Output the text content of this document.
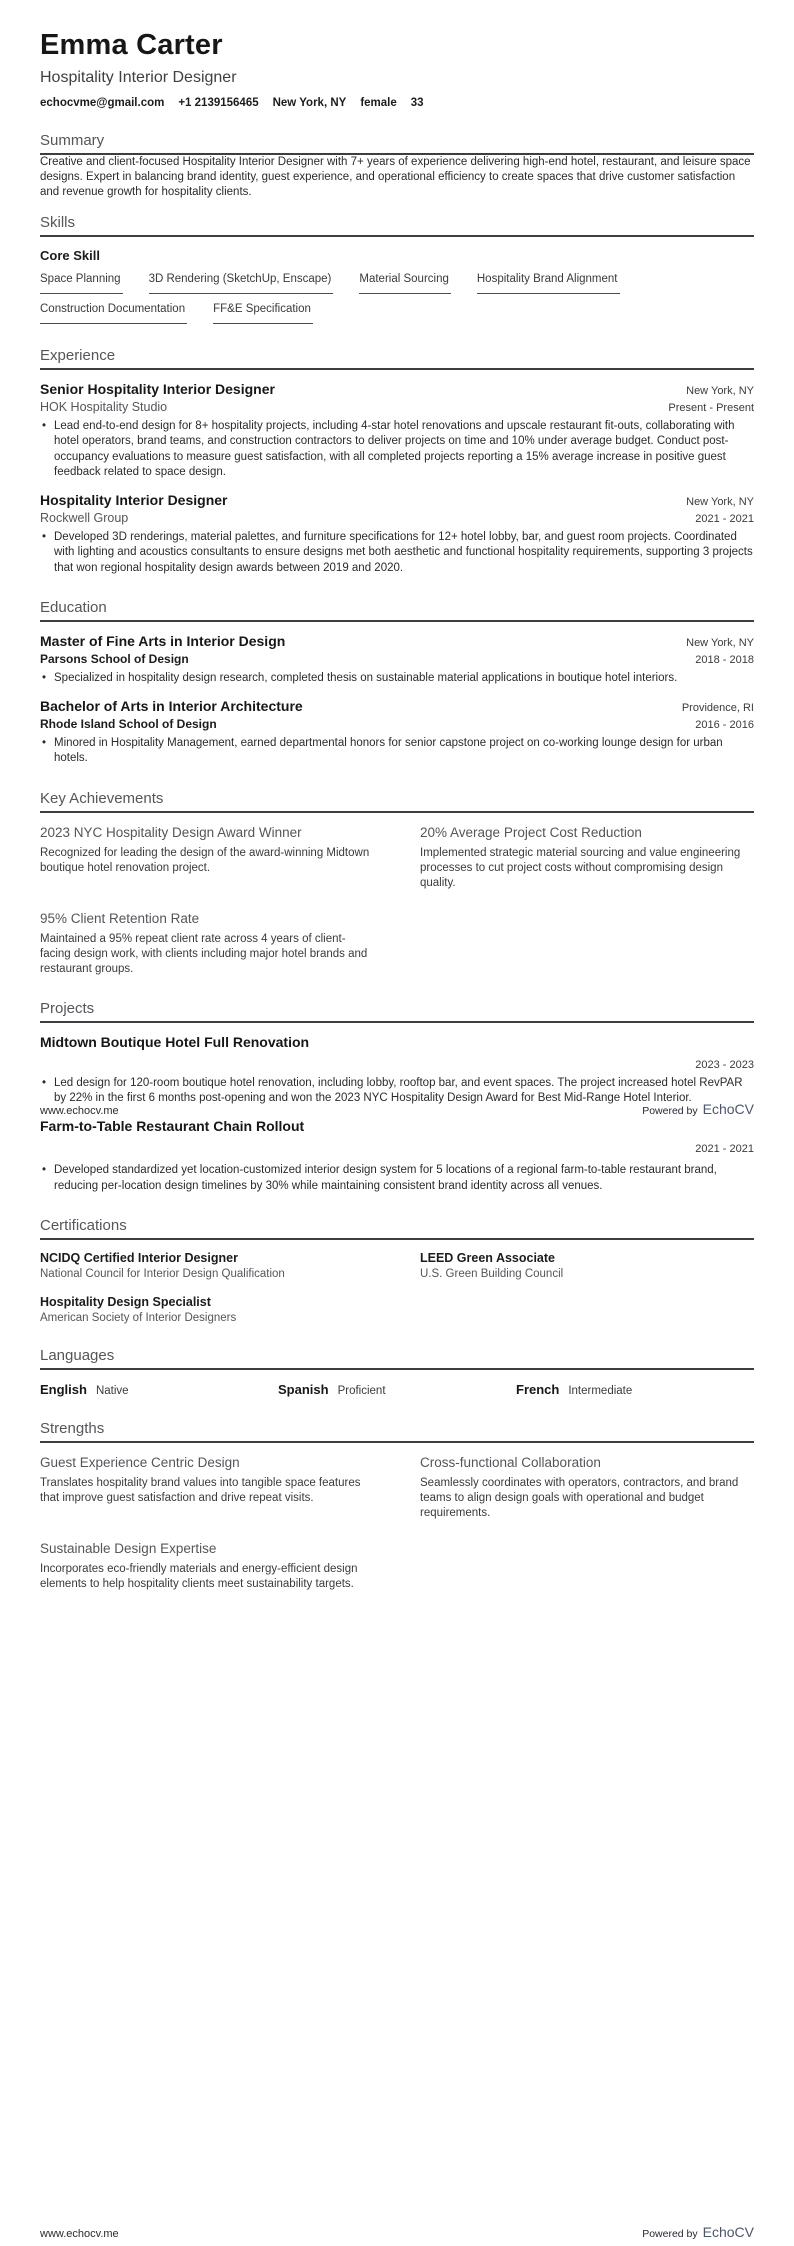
Emma Carter
Hospitality Interior Designer
echocvme@gmail.com +1 2139156465 New York, NY female 33
Summary

Creative and client-focused Hospitality Interior Designer with 7+ years of experience delivering high-end hotel, restaurant, and leisure space designs. Expert in balancing brand identity, guest experience, and operational efficiency to create spaces that drive customer satisfaction and revenue growth for hospitality clients.

Skills
Core Skill
Space Planning 3D Rendering (SketchUp, Enscape) Material Sourcing Hospitality Brand Alignment
Construction Documentation FF&E Specification
Experience
Senior Hospitality Interior Designer	New York, NY
HOK Hospitality Studio	Present - Present
• Lead end-to-end design for 8+ hospitality projects, including 4-star hotel renovations and upscale restaurant fit-outs, collaborating with hotel operators, brand teams, and construction contractors to deliver projects on time and 10% under average budget. Conduct post-occupancy evaluations to measure guest satisfaction, with all completed projects reporting a 15% average increase in positive guest feedback related to space design.
Hospitality Interior Designer	New York, NY
Rockwell Group	2021 - 2021
• Developed 3D renderings, material palettes, and furniture specifications for 12+ hotel lobby, bar, and guest room projects. Coordinated with lighting and acoustics consultants to ensure designs met both aesthetic and functional hospitality requirements, supporting 3 projects that won regional hospitality design awards between 2019 and 2020.
Education
Master of Fine Arts in Interior Design	New York, NY
Parsons School of Design	2018 - 2018
• Specialized in hospitality design research, completed thesis on sustainable material applications in boutique hotel interiors.
Bachelor of Arts in Interior Architecture	Providence, RI
Rhode Island School of Design	2016 - 2016
• Minored in Hospitality Management, earned departmental honors for senior capstone project on co-working lounge design for urban hotels.
Key Achievements
2023 NYC Hospitality Design Award Winner
Recognized for leading the design of the award-winning Midtown boutique hotel renovation project.
20% Average Project Cost Reduction
Implemented strategic material sourcing and value engineering processes to cut project costs without compromising design quality.
95% Client Retention Rate
Maintained a 95% repeat client rate across 4 years of client-facing design work, with clients including major hotel brands and restaurant groups.
Projects
Midtown Boutique Hotel Full Renovation
2023 - 2023
• Led design for 120-room boutique hotel renovation, including lobby, rooftop bar, and event spaces. The project increased hotel RevPAR by 22% in the first 6 months post-opening and won the 2023 NYC Hospitality Design Award for Best Mid-Range Hotel Interior.
Farm-to-Table Restaurant Chain Rollout
2021 - 2021
www.echocv.me	Powered by EchoCV
• Developed standardized yet location-customized interior design system for 5 locations of a regional farm-to-table restaurant brand, reducing per-location design timelines by 30% while maintaining consistent brand identity across all venues.
Certifications
NCIDQ Certified Interior Designer
National Council for Interior Design Qualification
LEED Green Associate
U.S. Green Building Council
Hospitality Design Specialist
American Society of Interior Designers
Languages
English Native	Spanish Proficient	French Intermediate
Strengths
Guest Experience Centric Design
Translates hospitality brand values into tangible space features that improve guest satisfaction and drive repeat visits.
Cross-functional Collaboration
Seamlessly coordinates with operators, contractors, and brand teams to align design goals with operational and budget requirements.
Sustainable Design Expertise
Incorporates eco-friendly materials and energy-efficient design elements to help hospitality clients meet sustainability targets.
www.echocv.me	Powered by EchoCV
